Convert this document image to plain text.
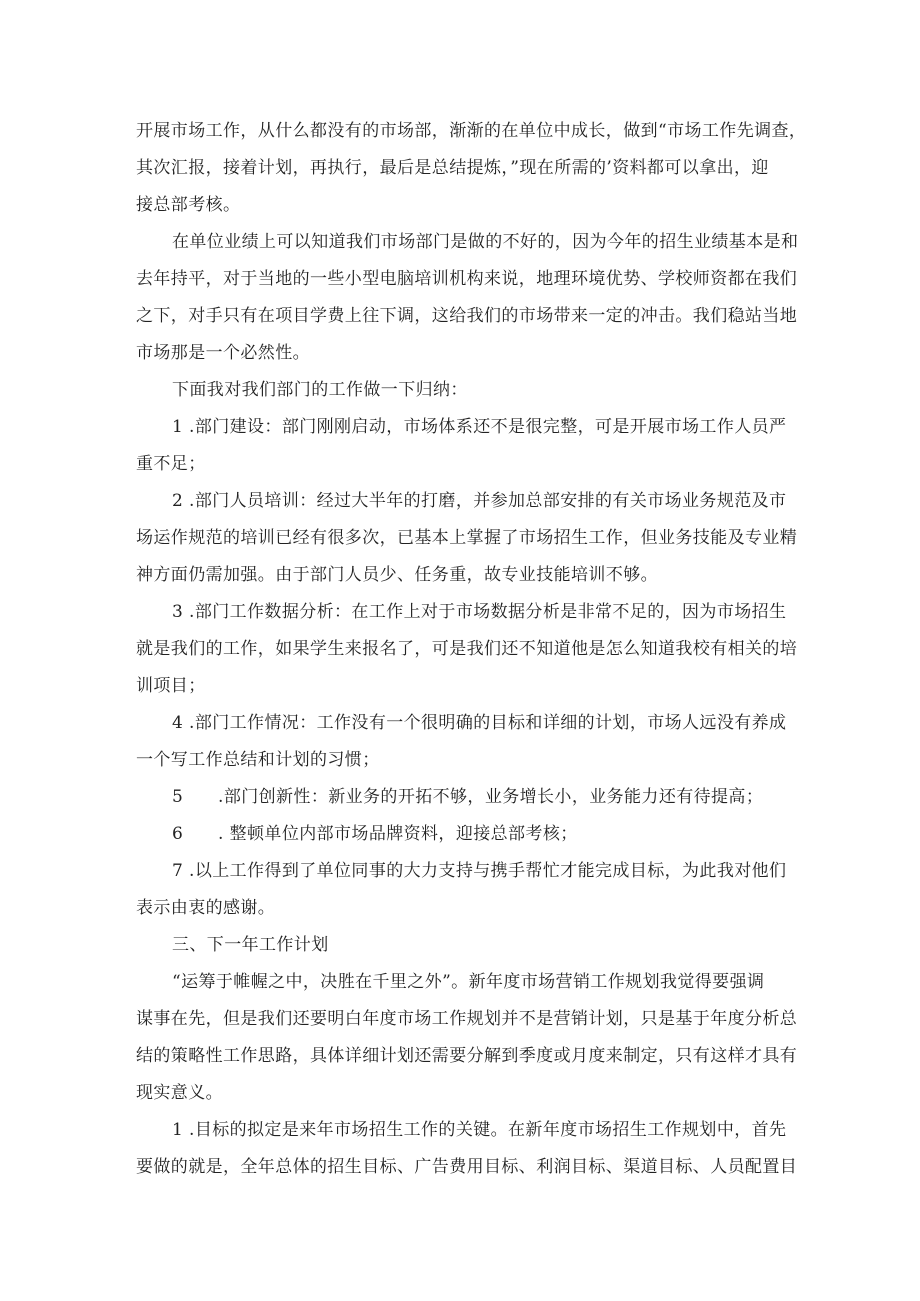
开展市场工作，从什么都没有的市场部，渐渐的在单位中成长，做到“市场工作先调查，
其次汇报，接着计划，再执行，最后是总结提炼，”现在所需的’资料都可以拿出，迎
接总部考核。
在单位业绩上可以知道我们市场部门是做的不好的，因为今年的招生业绩基本是和
去年持平，对于当地的一些小型电脑培训机构来说，地理环境优势、学校师资都在我们
之下，对手只有在项目学费上往下调，这给我们的市场带来一定的冲击。我们稳站当地
市场那是一个必然性。
下面我对我们部门的工作做一下归纳：
1 .部门建设：部门刚刚启动，市场体系还不是很完整，可是开展市场工作人员严
重不足；
2 .部门人员培训：经过大半年的打磨，并参加总部安排的有关市场业务规范及市
场运作规范的培训已经有很多次，已基本上掌握了市场招生工作，但业务技能及专业精
神方面仍需加强。由于部门人员少、任务重，故专业技能培训不够。
3 .部门工作数据分析：在工作上对于市场数据分析是非常不足的，因为市场招生
就是我们的工作，如果学生来报名了，可是我们还不知道他是怎么知道我校有相关的培
训项目；
4 .部门工作情况：工作没有一个很明确的目标和详细的计划，市场人远没有养成
一个写工作总结和计划的习惯；
5　　.部门创新性：新业务的开拓不够，业务增长小，业务能力还有待提高；
6　　. 整顿单位内部市场品牌资料，迎接总部考核；
7 .以上工作得到了单位同事的大力支持与携手帮忙才能完成目标，为此我对他们
表示由衷的感谢。
三、下一年工作计划
“运筹于帷幄之中，决胜在千里之外”。新年度市场营销工作规划我觉得要强调
谋事在先，但是我们还要明白年度市场工作规划并不是营销计划，只是基于年度分析总
结的策略性工作思路，具体详细计划还需要分解到季度或月度来制定，只有这样才具有
现实意义。
1 .目标的拟定是来年市场招生工作的关键。在新年度市场招生工作规划中，首先
要做的就是，全年总体的招生目标、广告费用目标、利润目标、渠道目标、人员配置目
